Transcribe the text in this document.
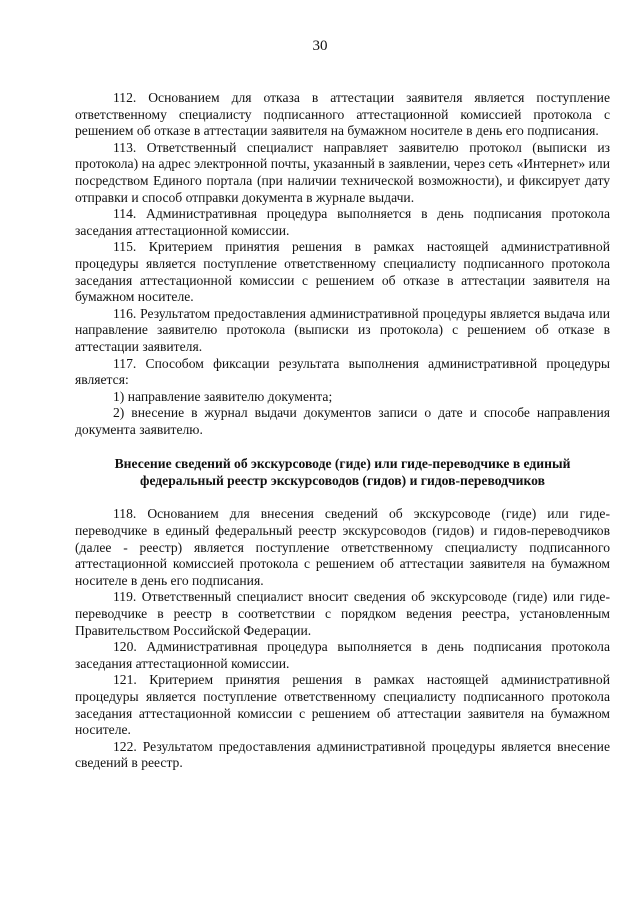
30

112. Основанием для отказа в аттестации заявителя является поступление ответственному специалисту подписанного аттестационной комиссией протокола с решением об отказе в аттестации заявителя на бумажном носителе в день его подписания.

113. Ответственный специалист направляет заявителю протокол (выписки из протокола) на адрес электронной почты, указанный в заявлении, через сеть «Интернет» или посредством Единого портала (при наличии технической возможности), и фиксирует дату отправки и способ отправки документа в журнале выдачи.

114. Административная процедура выполняется в день подписания протокола заседания аттестационной комиссии.

115. Критерием принятия решения в рамках настоящей административной процедуры является поступление ответственному специалисту подписанного протокола заседания аттестационной комиссии с решением об отказе в аттестации заявителя на бумажном носителе.

116. Результатом предоставления административной процедуры является выдача или направление заявителю протокола (выписки из протокола) с решением об отказе в аттестации заявителя.

117. Способом фиксации результата выполнения административной процедуры является:

1) направление заявителю документа;

2) внесение в журнал выдачи документов записи о дате и способе направления документа заявителю.

Внесение сведений об экскурсоводе (гиде) или гиде-переводчике в единый
федеральный реестр экскурсоводов (гидов) и гидов-переводчиков

118. Основанием для внесения сведений об экскурсоводе (гиде) или гиде-переводчике в единый федеральный реестр экскурсоводов (гидов) и гидов-переводчиков (далее - реестр) является поступление ответственному специалисту подписанного аттестационной комиссией протокола с решением об аттестации заявителя на бумажном носителе в день его подписания.

119. Ответственный специалист вносит сведения об экскурсоводе (гиде) или гиде-переводчике в реестр в соответствии с порядком ведения реестра, установленным Правительством Российской Федерации.

120. Административная процедура выполняется в день подписания протокола заседания аттестационной комиссии.

121. Критерием принятия решения в рамках настоящей административной процедуры является поступление ответственному специалисту подписанного протокола заседания аттестационной комиссии с решением об аттестации заявителя на бумажном носителе.

122. Результатом предоставления административной процедуры является внесение сведений в реестр.
